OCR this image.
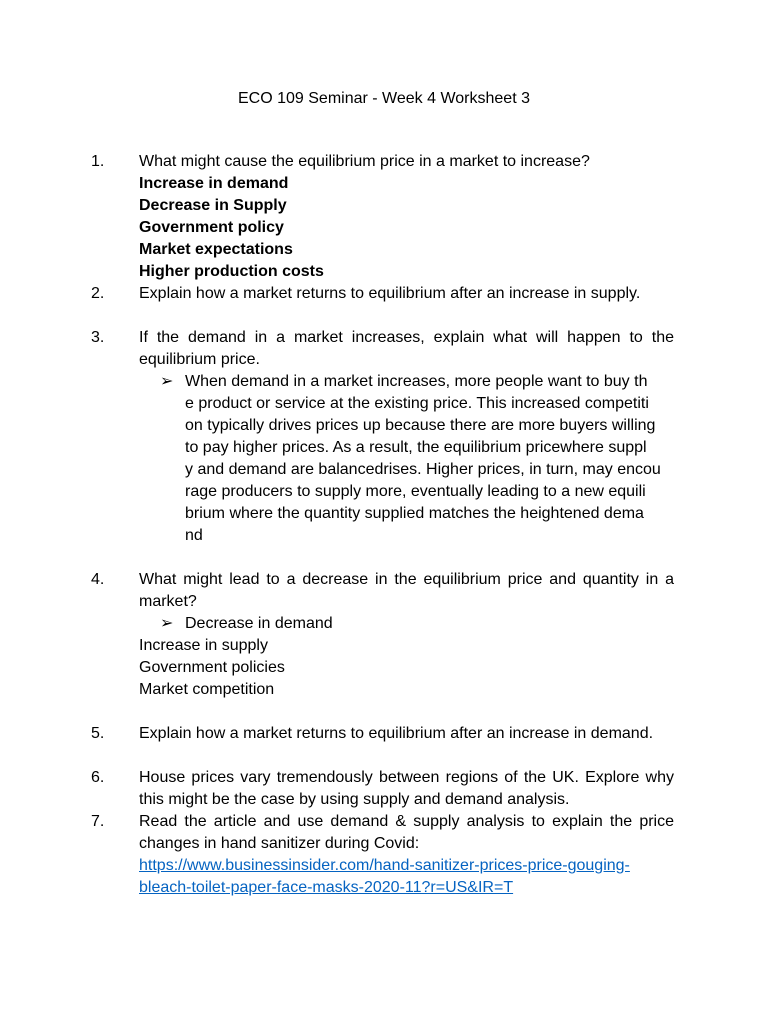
ECO 109 Seminar - Week 4 Worksheet 3
1.	What might cause the equilibrium price in a market to increase?
Increase in demand
Decrease in Supply
Government policy
Market expectations
Higher production costs
2.	Explain how a market returns to equilibrium after an increase in supply.
3.	If the demand in a market increases, explain what will happen to the equilibrium price.
➢ When demand in a market increases, more people want to buy th
e product or service at the existing price. This increased competiti
on typically drives prices up because there are more buyers willing
to pay higher prices. As a result, the equilibrium pricewhere suppl
y and demand are balancedrises. Higher prices, in turn, may encou
rage producers to supply more, eventually leading to a new equili
brium where the quantity supplied matches the heightened dema
nd
4.	What might lead to a decrease in the equilibrium price and quantity in a market?
➢ Decrease in demand
Increase in supply
Government policies
Market competition
5.	Explain how a market returns to equilibrium after an increase in demand.
6.	House prices vary tremendously between regions of the UK. Explore why this might be the case by using supply and demand analysis.
7.	Read the article and use demand & supply analysis to explain the price changes in hand sanitizer during Covid:
https://www.businessinsider.com/hand-sanitizer-prices-price-gouging-
bleach-toilet-paper-face-masks-2020-11?r=US&IR=T
